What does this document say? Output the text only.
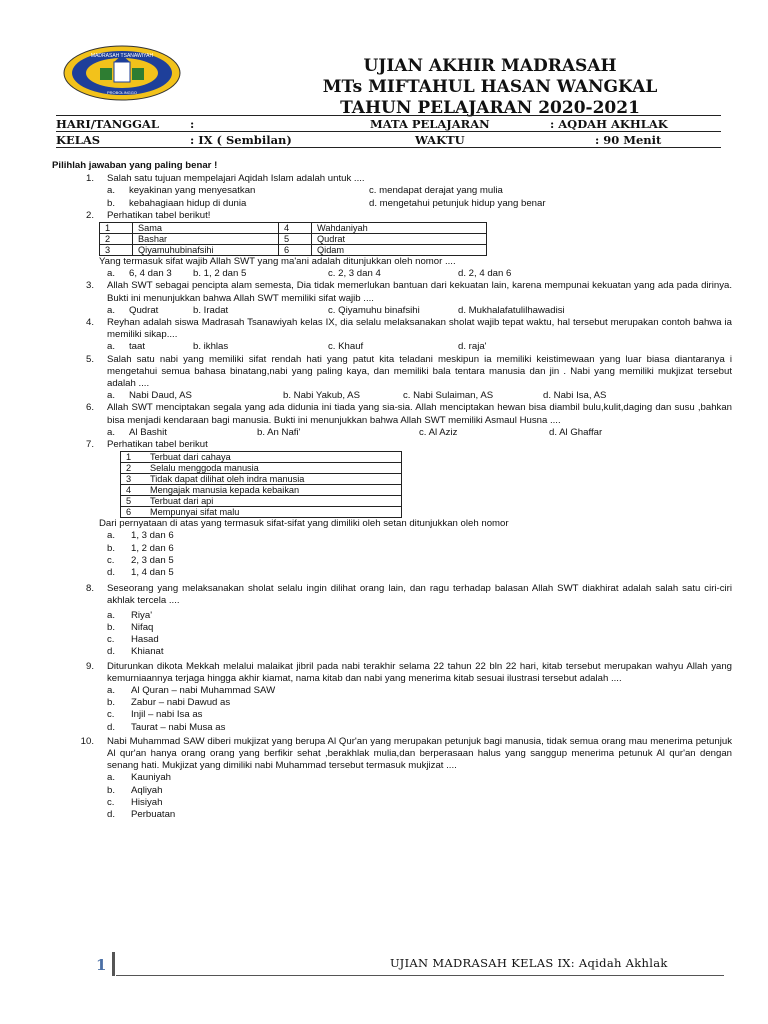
MADRASAH TSANAWIYAH
PROBOLINGGO
UJIAN AKHIR MADRASAH
MTs MIFTAHUL HASAN WANGKAL
TAHUN PELAJARAN 2020-2021
HARI/TANGGAL	:	MATA PELAJARAN	: AQDAH AKHLAK
KELAS	: IX ( Sembilan)	WAKTU	: 90 Menit
Pilihlah jawaban yang paling benar !
1.	Salah satu tujuan mempelajari Aqidah Islam adalah untuk ....
a.	keyakinan yang menyesatkan	c. mendapat derajat yang mulia
b.	kebahagiaan hidup di dunia	d. mengetahui petunjuk hidup yang benar
2.	Perhatikan tabel berikut!
1	Sama	4	Wahdaniyah
2	Bashar	5	Qudrat
3	Qiyamuhubinafsihi	6	Qidam
Yang termasuk sifat wajib Allah SWT yang ma'ani adalah ditunjukkan oleh nomor ....
a.	6, 4 dan 3 b. 1, 2 dan 5	c. 2, 3 dan 4	d. 2, 4 dan 6
3.	Allah SWT sebagai pencipta alam semesta, Dia tidak memerlukan bantuan dari kekuatan lain, karena mempunai kekuatan yang ada pada dirinya. Bukti ini menunjukkan bahwa Allah SWT memiliki sifat wajib ....
a.	Qudrat	b. Iradat	c. Qiyamuhu binafsihi	d. Mukhalafatulilhawadisi
4.	Reyhan adalah siswa Madrasah Tsanawiyah kelas IX, dia selalu melaksanakan sholat wajib tepat waktu, hal tersebut merupakan contoh bahwa ia memiliki sikap....
a.	taat	b. ikhlas	c. Khauf	d. raja'
5.	Salah satu nabi yang memiliki sifat rendah hati yang patut kita teladani meskipun ia memiliki keistimewaan yang luar biasa diantaranya i mengetahui semua bahasa binatang,nabi yang paling kaya, dan memiliki bala tentara manusia dan jin . Nabi yang memiliki mukjizat tersebut adalah ....
a.	Nabi Daud, AS	b. Nabi Yakub, AS	c. Nabi Sulaiman, AS	d. Nabi Isa, AS
6.	Allah SWT menciptakan segala yang ada didunia ini tiada yang sia-sia. Allah menciptakan hewan bisa diambil bulu,kulit,daging dan susu ,bahkan bisa menjadi kendaraan bagi manusia. Bukti ini menunjukkan bahwa Allah SWT memiliki Asmaul Husna ....
a.	Al Bashit	b. An Nafi'	c. Al Aziz	d. Al Ghaffar
7.	Perhatikan tabel berikut
1	Terbuat dari cahaya
2	Selalu menggoda manusia
3	Tidak dapat dilihat oleh indra manusia
4	Mengajak manusia kepada kebaikan
5	Terbuat dari api
6	Mempunyai sifat malu
Dari pernyataan di atas yang termasuk sifat-sifat yang dimiliki oleh setan ditunjukkan oleh nomor
a.	1, 3 dan 6
b.	1, 2 dan 6
c.	2, 3 dan 5
d.	1, 4 dan 5
8.	Seseorang yang melaksanakan sholat selalu ingin dilihat orang lain, dan ragu terhadap balasan Allah SWT diakhirat adalah salah satu ciri-ciri akhlak tercela ....
a.	Riya'
b.	Nifaq
c.	Hasad
d.	Khianat
9.	Diturunkan dikota Mekkah melalui malaikat jibril pada nabi terakhir selama 22 tahun 22 bln 22 hari, kitab tersebut merupakan wahyu Allah yang kemurniaannya terjaga hingga akhir kiamat, nama kitab dan nabi yang menerima kitab sesuai ilustrasi tersebut adalah ....
a.	Al Quran – nabi Muhammad SAW
b.	Zabur – nabi Dawud as
c.	Injil – nabi Isa as
d.	Taurat – nabi Musa as
10.	Nabi Muhammad SAW diberi mukjizat yang berupa Al Qur'an yang merupakan petunjuk bagi manusia, tidak semua orang mau menerima petunjuk Al qur'an hanya orang orang yang berfikir sehat ,berakhlak mulia,dan berperasaan halus yang sanggup menerima petunuk Al qur'an dengan senang hati. Mukjizat yang dimiliki nabi Muhammad tersebut termasuk mukjizat ....
a.	Kauniyah
b.	Aqliyah
c.	Hisiyah
d.	Perbuatan
1	UJIAN MADRASAH KELAS IX: Aqidah Akhlak
